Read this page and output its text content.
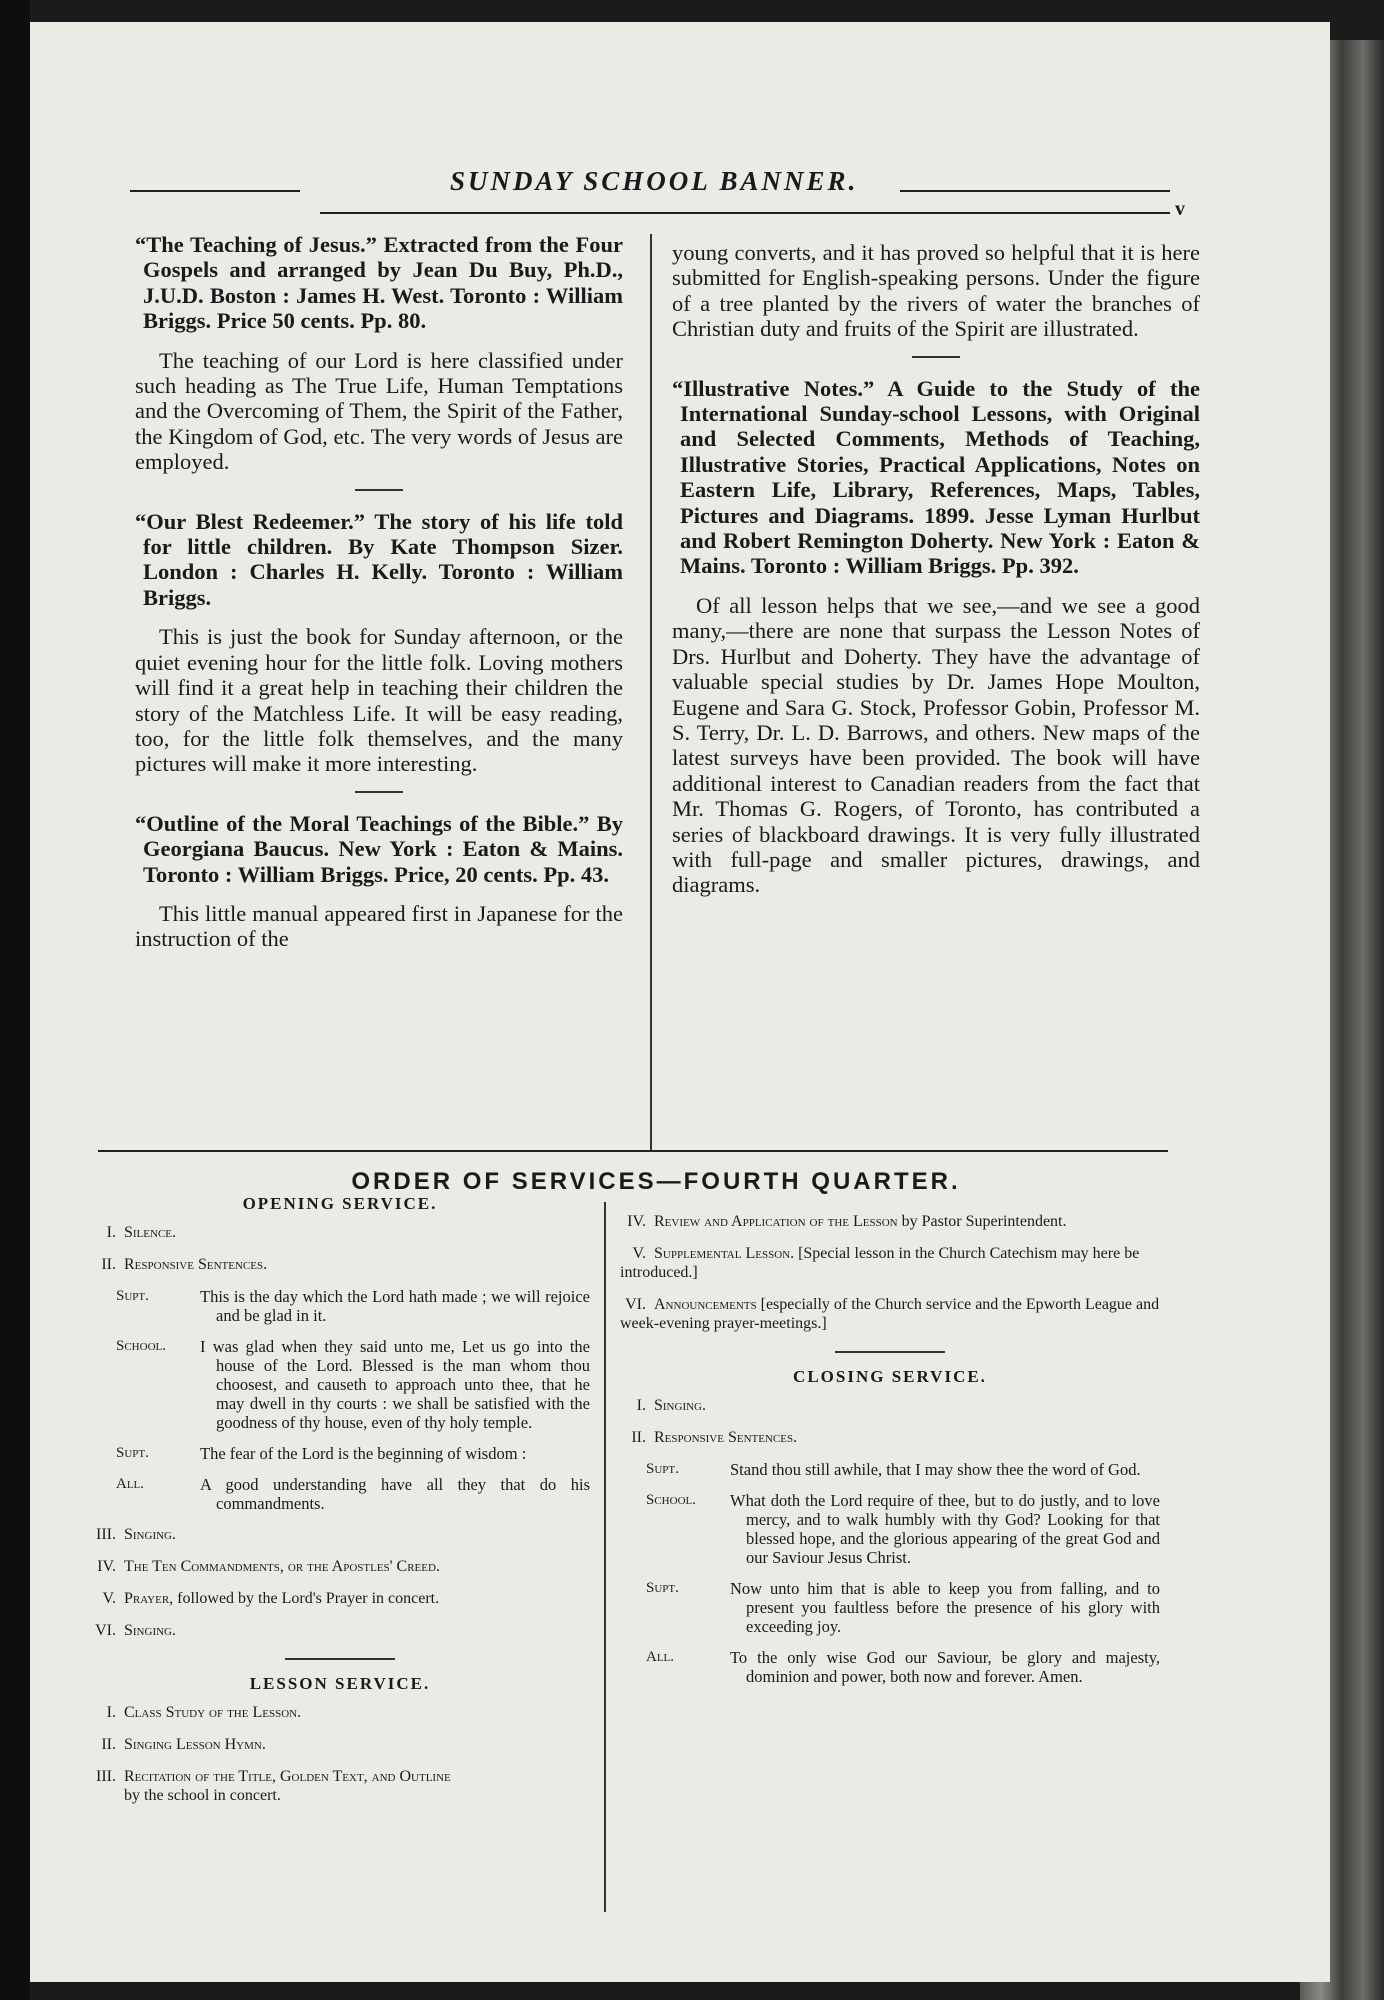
SUNDAY SCHOOL BANNER.
v

“The Teaching of Jesus.” Extracted from the Four Gospels and arranged by Jean Du Buy, Ph.D., J.U.D. Boston : James H. West. Toronto : William Briggs. Price 50 cents. Pp. 80.

The teaching of our Lord is here classified under such heading as The True Life, Human Temptations and the Overcoming of Them, the Spirit of the Father, the Kingdom of God, etc. The very words of Jesus are employed.

“Our Blest Redeemer.” The story of his life told for little children. By Kate Thompson Sizer. London : Charles H. Kelly. Toronto : William Briggs.

This is just the book for Sunday afternoon, or the quiet evening hour for the little folk. Loving mothers will find it a great help in teaching their children the story of the Matchless Life. It will be easy reading, too, for the little folk themselves, and the many pictures will make it more interesting.

“Outline of the Moral Teachings of the Bible.” By Georgiana Baucus. New York : Eaton & Mains. Toronto : William Briggs. Price, 20 cents. Pp. 43.

This little manual appeared first in Japanese for the instruction of the

young converts, and it has proved so helpful that it is here submitted for English-speaking persons. Under the figure of a tree planted by the rivers of water the branches of Christian duty and fruits of the Spirit are illustrated.

“Illustrative Notes.” A Guide to the Study of the International Sunday-school Lessons, with Original and Selected Comments, Methods of Teaching, Illustrative Stories, Practical Applications, Notes on Eastern Life, Library, References, Maps, Tables, Pictures and Diagrams. 1899. Jesse Lyman Hurlbut and Robert Remington Doherty. New York : Eaton & Mains. Toronto : William Briggs. Pp. 392.

Of all lesson helps that we see,—and we see a good many,—there are none that surpass the Lesson Notes of Drs. Hurlbut and Doherty. They have the advantage of valuable special studies by Dr. James Hope Moulton, Eugene and Sara G. Stock, Professor Gobin, Professor M. S. Terry, Dr. L. D. Barrows, and others. New maps of the latest surveys have been provided. The book will have additional interest to Canadian readers from the fact that Mr. Thomas G. Rogers, of Toronto, has contributed a series of blackboard drawings. It is very fully illustrated with full-page and smaller pictures, drawings, and diagrams.

ORDER OF SERVICES—FOURTH QUARTER.
OPENING SERVICE.
I. Silence.
II. Responsive Sentences.
Supt.	This is the day which the Lord hath made ; we will rejoice and be glad in it.
School.	I was glad when they said unto me, Let us go into the house of the Lord. Blessed is the man whom thou choosest, and causeth to approach unto thee, that he may dwell in thy courts : we shall be satisfied with the goodness of thy house, even of thy holy temple.
Supt.	The fear of the Lord is the beginning of wisdom :
All.	A good understanding have all they that do his commandments.
III. Singing.
IV. The Ten Commandments, or the Apostles' Creed.
V. Prayer, followed by the Lord's Prayer in concert.
VI. Singing.
LESSON SERVICE.
I. Class Study of the Lesson.
II. Singing Lesson Hymn.
III. Recitation of the Title, Golden Text, and Outline
by the school in concert.
IV. Review and Application of the Lesson by Pastor Superintendent.
V. Supplemental Lesson. [Special lesson in the Church Catechism may here be introduced.]
VI. Announcements [especially of the Church service and the Epworth League and week-evening prayer-meetings.]
CLOSING SERVICE.
I. Singing.
II. Responsive Sentences.
Supt.	Stand thou still awhile, that I may show thee the word of God.
School.	What doth the Lord require of thee, but to do justly, and to love mercy, and to walk humbly with thy God? Looking for that blessed hope, and the glorious appearing of the great God and our Saviour Jesus Christ.
Supt.	Now unto him that is able to keep you from falling, and to present you faultless before the presence of his glory with exceeding joy.
All.	To the only wise God our Saviour, be glory and majesty, dominion and power, both now and forever. Amen.
